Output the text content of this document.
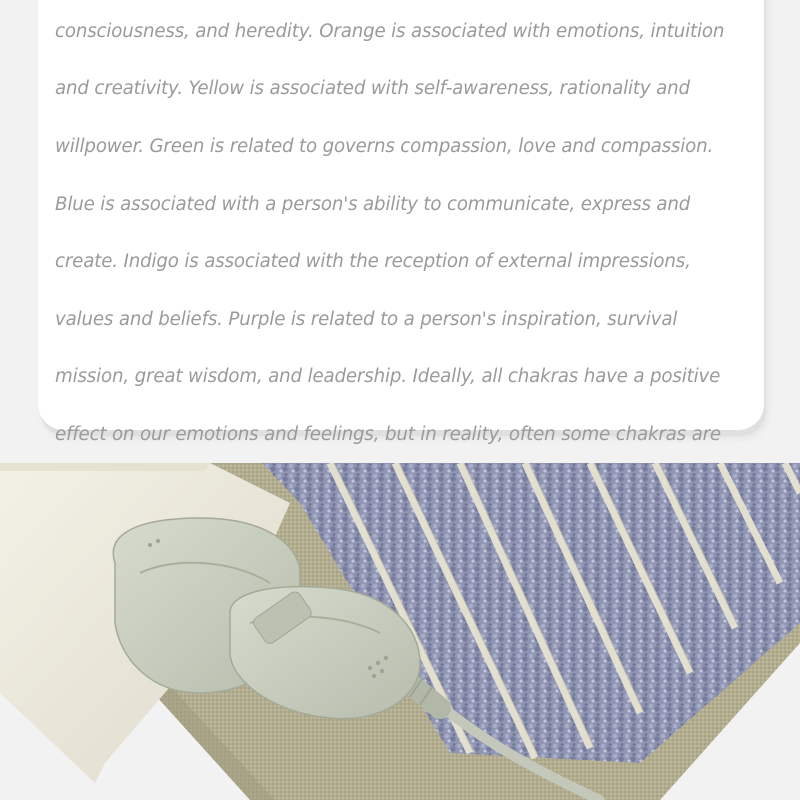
consciousness, and heredity. Orange is associated with emotions, intuition

and creativity. Yellow is associated with self-awareness, rationality and

willpower. Green is related to governs compassion, love and compassion.

Blue is associated with a person's ability to communicate, express and

create. Indigo is associated with the reception of external impressions,

values and beliefs. Purple is related to a person's inspiration, survival

mission, great wisdom, and leadership. Ideally, all chakras have a positive

effect on our emotions and feelings, but in reality, often some chakras are
